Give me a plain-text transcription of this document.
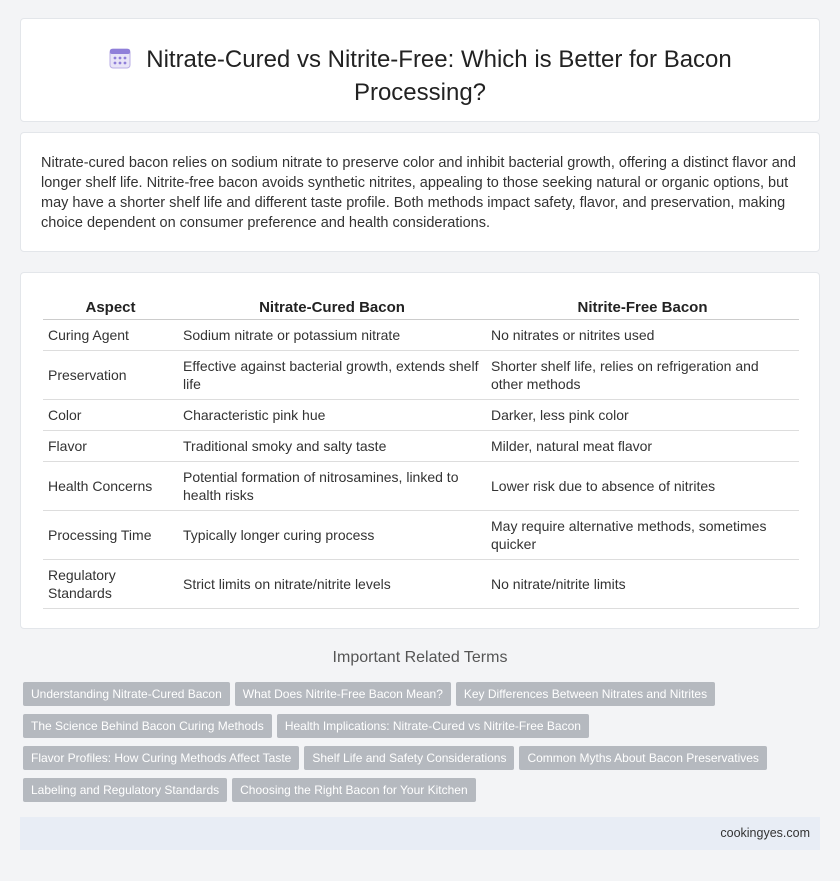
Nitrate-Cured vs Nitrite-Free: Which is Better for Bacon Processing?

Nitrate-cured bacon relies on sodium nitrate to preserve color and inhibit bacterial growth, offering a distinct flavor and longer shelf life. Nitrite-free bacon avoids synthetic nitrites, appealing to those seeking natural or organic options, but may have a shorter shelf life and different taste profile. Both methods impact safety, flavor, and preservation, making choice dependent on consumer preference and health considerations.

Aspect	Nitrate-Cured Bacon	Nitrite-Free Bacon
Curing Agent	Sodium nitrate or potassium nitrate	No nitrates or nitrites used
Preservation	Effective against bacterial growth, extends shelf life	Shorter shelf life, relies on refrigeration and other methods
Color	Characteristic pink hue	Darker, less pink color
Flavor	Traditional smoky and salty taste	Milder, natural meat flavor
Health Concerns	Potential formation of nitrosamines, linked to health risks	Lower risk due to absence of nitrites
Processing Time	Typically longer curing process	May require alternative methods, sometimes quicker
Regulatory Standards	Strict limits on nitrate/nitrite levels	No nitrate/nitrite limits
Important Related Terms
Understanding Nitrate-Cured Bacon What Does Nitrite-Free Bacon Mean? Key Differences Between Nitrates and Nitrites
The Science Behind Bacon Curing Methods Health Implications: Nitrate-Cured vs Nitrite-Free Bacon
Flavor Profiles: How Curing Methods Affect Taste Shelf Life and Safety Considerations Common Myths About Bacon Preservatives
Labeling and Regulatory Standards Choosing the Right Bacon for Your Kitchen
cookingyes.com
